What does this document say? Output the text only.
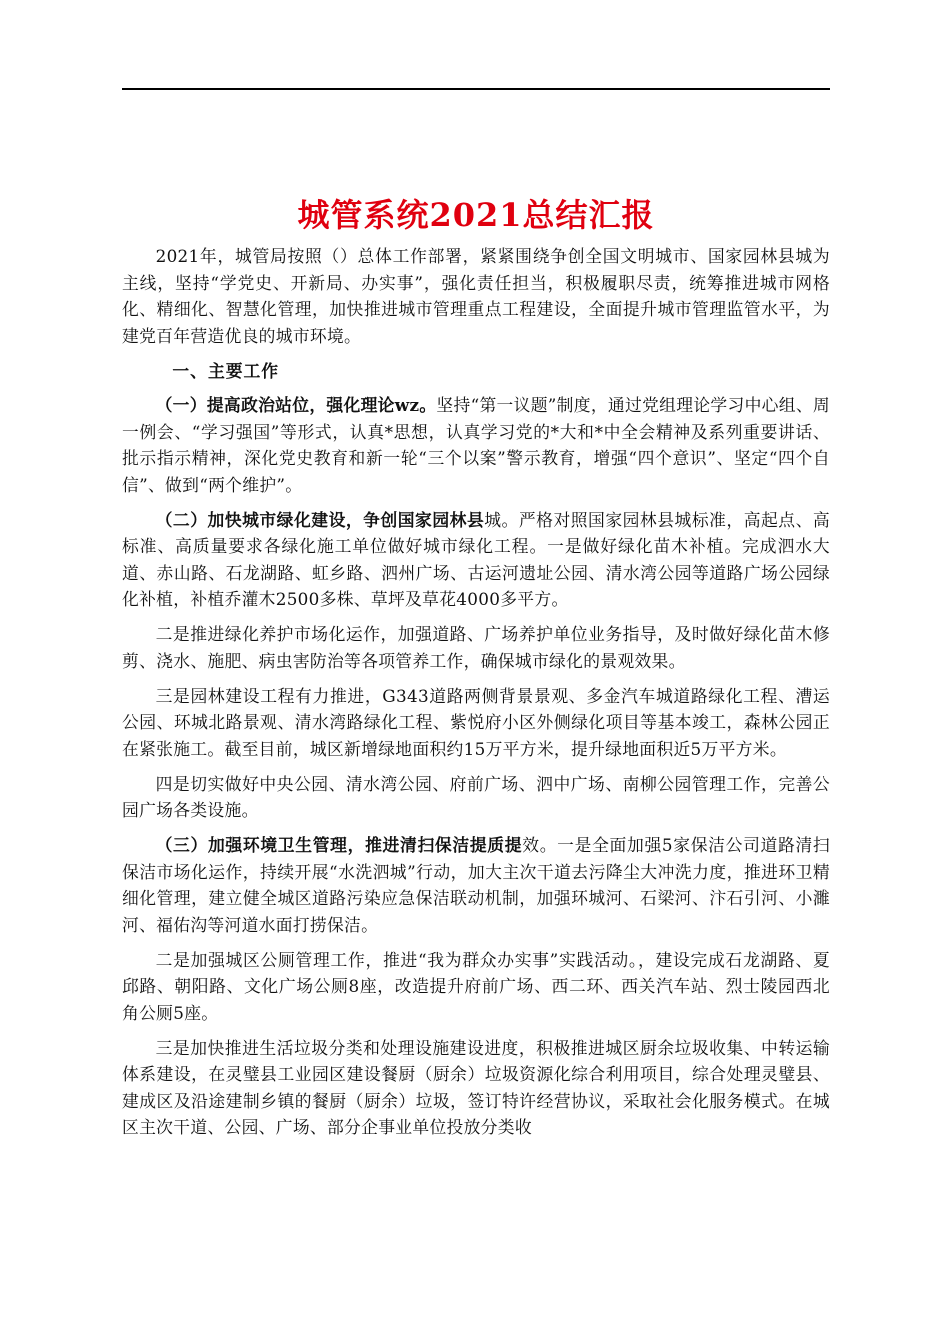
城管系统2021总结汇报

2021年，城管局按照（）总体工作部署，紧紧围绕争创全国文明城市、国家园林县城为主线，坚持“学党史、开新局、办实事”，强化责任担当，积极履职尽责，统筹推进城市网格化、精细化、智慧化管理，加快推进城市管理重点工程建设，全面提升城市管理监管水平，为建党百年营造优良的城市环境。

一、主要工作

（一）提高政治站位，强化理论wz。坚持“第一议题”制度，通过党组理论学习中心组、周一例会、“学习强国”等形式，认真*思想，认真学习党的*大和*中全会精神及系列重要讲话、批示指示精神，深化党史教育和新一轮“三个以案”警示教育，增强“四个意识”、坚定“四个自信”、做到“两个维护”。

（二）加快城市绿化建设，争创国家园林县城。严格对照国家园林县城标准，高起点、高标准、高质量要求各绿化施工单位做好城市绿化工程。一是做好绿化苗木补植。完成泗水大道、赤山路、石龙湖路、虹乡路、泗州广场、古运河遗址公园、清水湾公园等道路广场公园绿化补植，补植乔灌木2500多株、草坪及草花4000多平方。

二是推进绿化养护市场化运作，加强道路、广场养护单位业务指导，及时做好绿化苗木修剪、浇水、施肥、病虫害防治等各项管养工作，确保城市绿化的景观效果。

三是园林建设工程有力推进，G343道路两侧背景景观、多金汽车城道路绿化工程、漕运公园、环城北路景观、清水湾路绿化工程、紫悦府小区外侧绿化项目等基本竣工，森林公园正在紧张施工。截至目前，城区新增绿地面积约15万平方米，提升绿地面积近5万平方米。

四是切实做好中央公园、清水湾公园、府前广场、泗中广场、南柳公园管理工作，完善公园广场各类设施。

（三）加强环境卫生管理，推进清扫保洁提质提效。一是全面加强5家保洁公司道路清扫保洁市场化运作，持续开展“水洗泗城”行动，加大主次干道去污降尘大冲洗力度，推进环卫精细化管理，建立健全城区道路污染应急保洁联动机制，加强环城河、石梁河、汴石引河、小濉河、福佑沟等河道水面打捞保洁。

二是加强城区公厕管理工作，推进“我为群众办实事”实践活动。，建设完成石龙湖路、夏邱路、朝阳路、文化广场公厕8座，改造提升府前广场、西二环、西关汽车站、烈士陵园西北角公厕5座。

三是加快推进生活垃圾分类和处理设施建设进度，积极推进城区厨余垃圾收集、中转运输体系建设，在灵璧县工业园区建设餐厨（厨余）垃圾资源化综合利用项目，综合处理灵璧县、建成区及沿途建制乡镇的餐厨（厨余）垃圾，签订特许经营协议，采取社会化服务模式。在城区主次干道、公园、广场、部分企事业单位投放分类收
